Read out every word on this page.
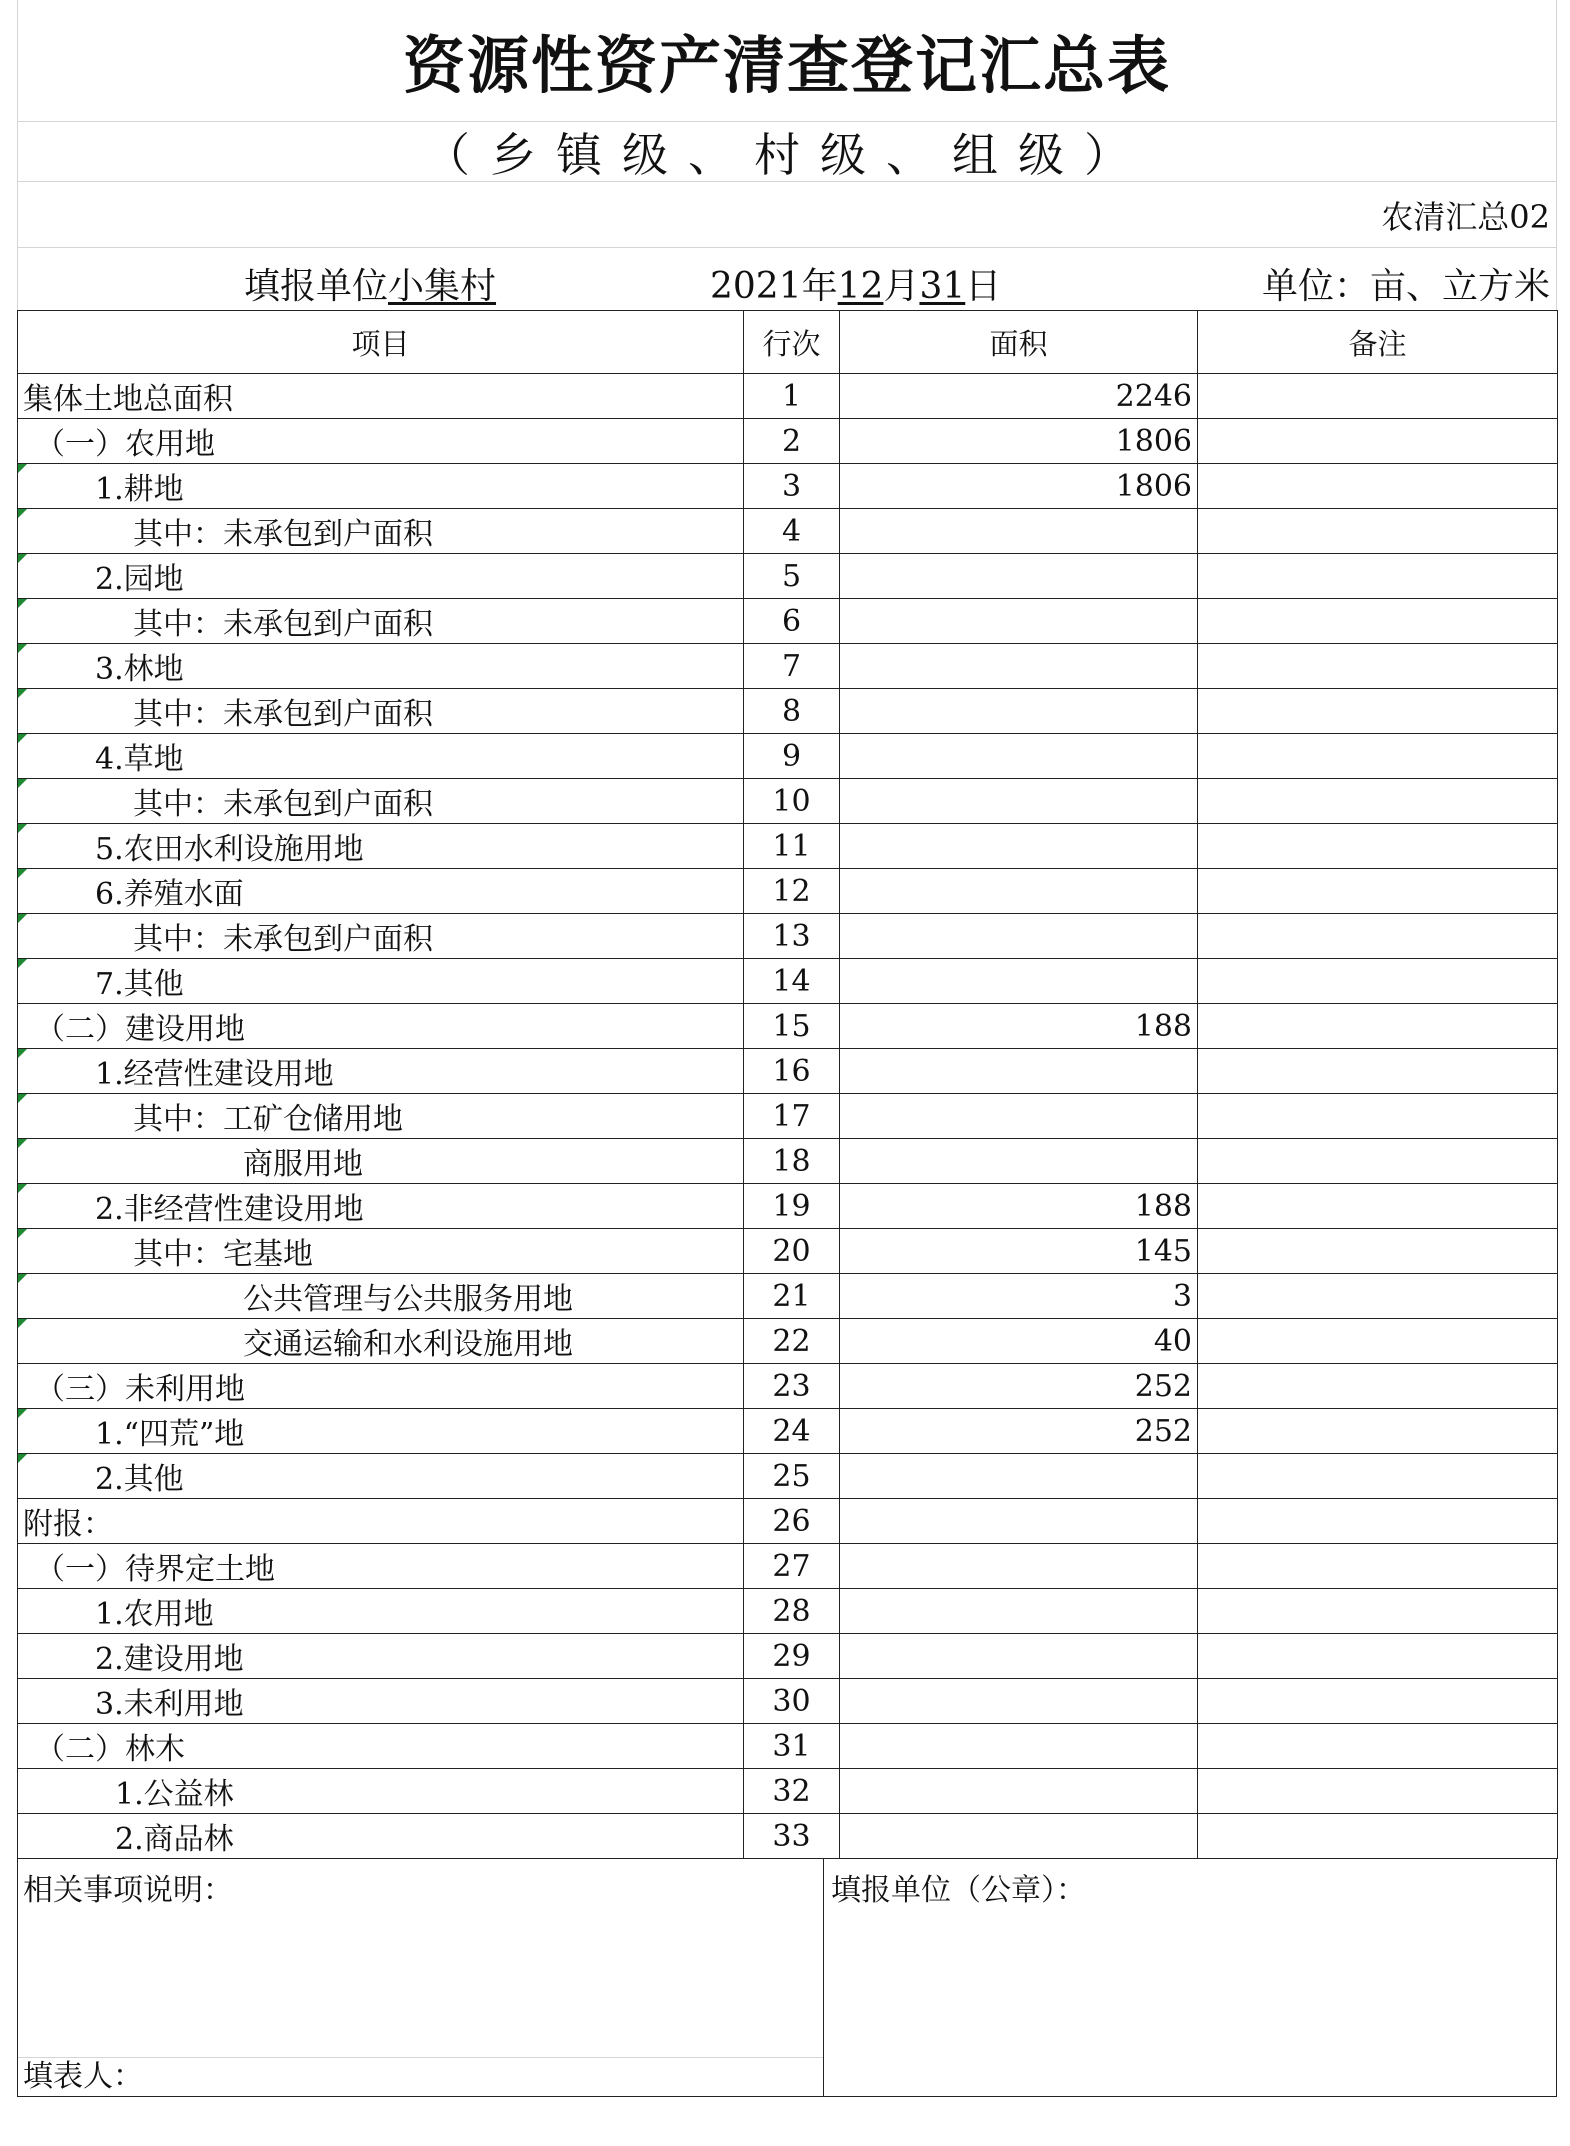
资源性资产清查登记汇总表
（乡镇级、村级、组级）
农清汇总02
填报单位小集村	2021年12月31日	单位：亩、立方米
项目	行次	面积	备注
集体土地总面积	1	2246	
（一）农用地	2	1806	
1.耕地	3	1806	
其中：未承包到户面积	4		
2.园地	5		
其中：未承包到户面积	6		
3.林地	7		
其中：未承包到户面积	8		
4.草地	9		
其中：未承包到户面积	10		
5.农田水利设施用地	11		
6.养殖水面	12		
其中：未承包到户面积	13		
7.其他	14		
（二）建设用地	15	188	
1.经营性建设用地	16		
其中：工矿仓储用地	17		
商服用地	18		
2.非经营性建设用地	19	188	
其中：宅基地	20	145	
公共管理与公共服务用地	21	3	
交通运输和水利设施用地	22	40	
（三）未利用地	23	252	
1.“四荒”地	24	252	
2.其他	25		
附报：	26		
（一）待界定土地	27		
1.农用地	28		
2.建设用地	29		
3.未利用地	30		
（二）林木	31		
1.公益林	32		
2.商品林	33		
相关事项说明：
填表人：
填报单位（公章）：
